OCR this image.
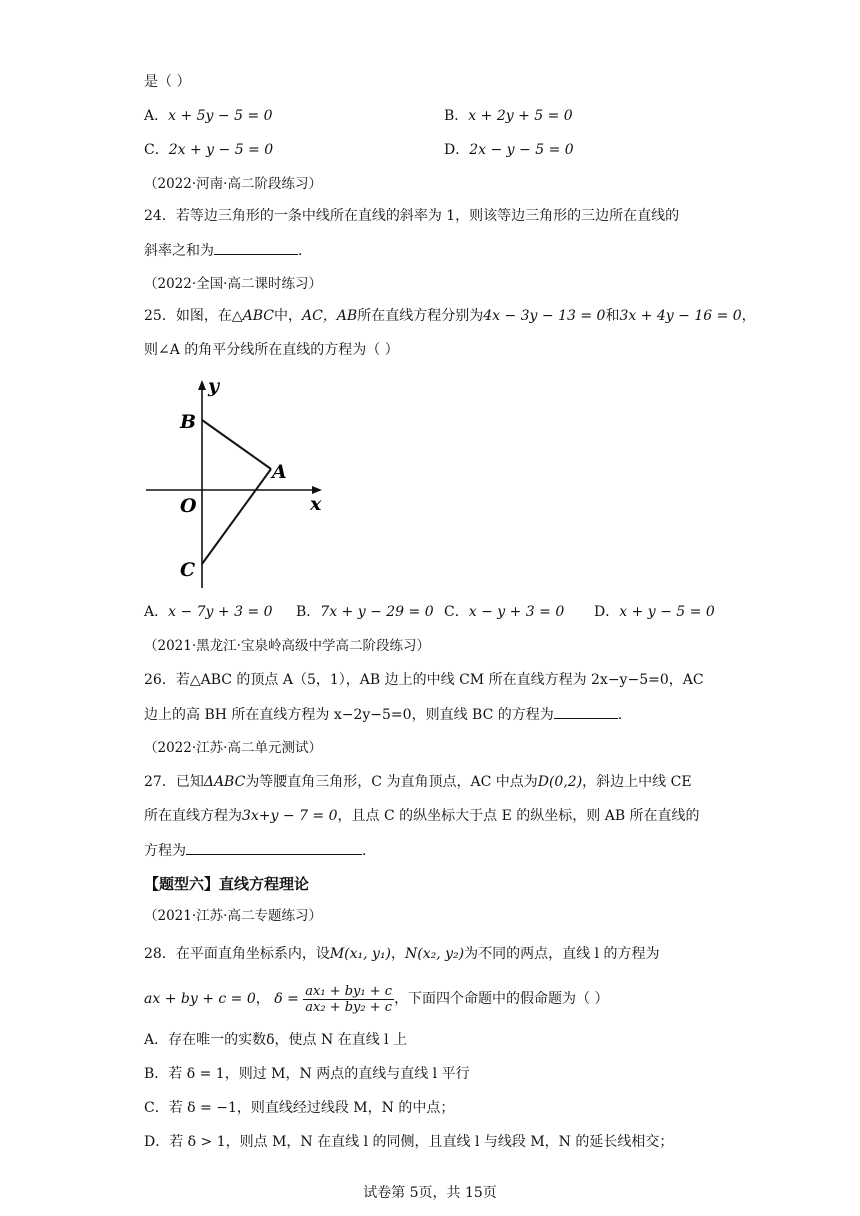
是（ ）
A．x + 5y − 5 = 0	B．x + 2y + 5 = 0
C．2x + y − 5 = 0	D．2x − y − 5 = 0
（2022·河南·高二阶段练习）
24．若等边三角形的一条中线所在直线的斜率为 1，则该等边三角形的三边所在直线的
斜率之和为	.
（2022·全国·高二课时练习）
25．如图，在△ABC中，AC，AB所在直线方程分别为4x − 3y − 13 = 0和3x + 4y − 16 = 0，
则∠A 的角平分线所在直线的方程为（ ）
y
x
B
A
O
C
A．x − 7y + 3 = 0 B．7x + y − 29 = 0 C．x − y + 3 = 0 D．x + y − 5 = 0
（2021·黑龙江·宝泉岭高级中学高二阶段练习）
26．若△ABC 的顶点 A（5，1），AB 边上的中线 CM 所在直线方程为 2x−y−5=0，AC
边上的高 BH 所在直线方程为 x−2y−5=0，则直线 BC 的方程为	.
（2022·江苏·高二单元测试）
27．已知ΔABC为等腰直角三角形，C 为直角顶点，AC 中点为D(0,2)，斜边上中线 CE
所在直线方程为3x+y − 7 = 0，且点 C 的纵坐标大于点 E 的纵坐标，则 AB 所在直线的
方程为	.
【题型六】直线方程理论
（2021·江苏·高二专题练习）
28．在平面直角坐标系内，设M(x₁, y₁)，N(x₂, y₂)为不同的两点，直线 l 的方程为
ax + by + c = 0， $\delta = \frac{\text{ax₁ + by₁ + c}}{\text{ax₂ + by₂ + c}}$ ，下面四个命题中的假命题为（ ）
A．存在唯一的实数δ，使点 N 在直线 l 上
B．若 δ = 1，则过 M，N 两点的直线与直线 l 平行
C．若 δ = −1，则直线经过线段 M，N 的中点；
D．若 δ > 1，则点 M，N 在直线 l 的同侧，且直线 l 与线段 M，N 的延长线相交；
试卷第 5页，共 15页
